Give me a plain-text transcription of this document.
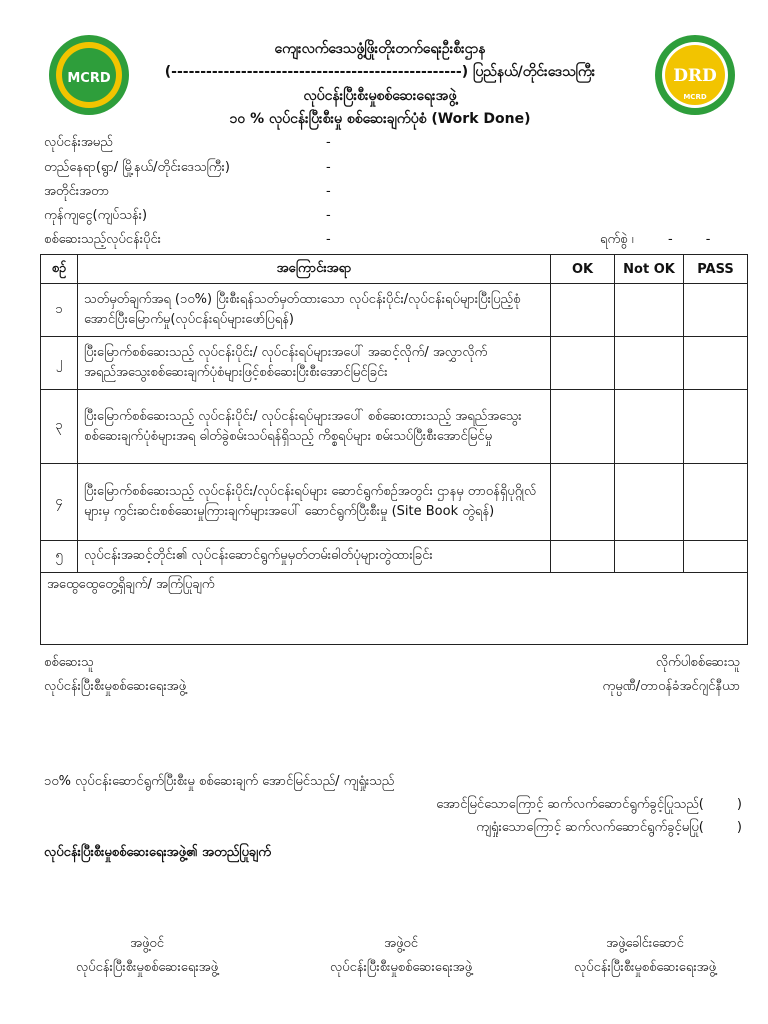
MCRD	DRD
MCRD
ကျေးလက်ဒေသဖွံ့ဖြိုးတိုးတက်ရေးဦးစီးဌာန
(--------------------------------------------------) ပြည်နယ်/တိုင်းဒေသကြီး
လုပ်ငန်းပြီးစီးမှုစစ်ဆေးရေးအဖွဲ့
၁၀ % လုပ်ငန်းပြီးစီးမှု စစ်ဆေးချက်ပုံစံ (Work Done)
လုပ်ငန်းအမည်	-
တည်နေရာ(ရွာ/ မြို့နယ်/တိုင်းဒေသကြီး)	-
အတိုင်းအတာ	-
ကုန်ကျငွေ(ကျပ်သန်း)	-
စစ်ဆေးသည့်လုပ်ငန်းပိုင်း	-	ရက်စွဲ ၊	-        -
စဉ်	အကြောင်းအရာ	OK	Not OK	PASS
၁	သတ်မှတ်ချက်အရ (၁၀%) ပြီးစီးရန်သတ်မှတ်ထားသော လုပ်ငန်းပိုင်း/လုပ်ငန်းရပ်များပြီးပြည့်စုံအောင်ပြီးမြောက်မှု(လုပ်ငန်းရပ်များဖော်ပြရန်)			
၂	ပြီးမြောက်စစ်ဆေးသည့် လုပ်ငန်းပိုင်း/ လုပ်ငန်းရပ်များအပေါ် အဆင့်လိုက်/ အလွှာလိုက်အရည်အသွေးစစ်ဆေးချက်ပုံစံများဖြင့်စစ်ဆေးပြီးစီးအောင်မြင်ခြင်း			
၃	ပြီးမြောက်စစ်ဆေးသည့် လုပ်ငန်းပိုင်း/ လုပ်ငန်းရပ်များအပေါ် စစ်ဆေးထားသည့် အရည်အသွေး စစ်ဆေးချက်ပုံစံများအရ ဓါတ်ခွဲစမ်းသပ်ရန်ရှိသည့် ကိစ္စရပ်များ စမ်းသပ်ပြီးစီးအောင်မြင်မှု			
၄	ပြီးမြောက်စစ်ဆေးသည့် လုပ်ငန်းပိုင်း/လုပ်ငန်းရပ်များ ဆောင်ရွက်စဉ်အတွင်း ဌာနမှ တာဝန်ရှိပုဂ္ဂိုလ်များမှ ကွင်းဆင်းစစ်ဆေးမှုကြားချက်များအပေါ် ဆောင်ရွက်ပြီးစီးမှု (Site Book တွဲရန်)			
၅	လုပ်ငန်းအဆင့်တိုင်း၏ လုပ်ငန်းဆောင်ရွက်မှုမှတ်တမ်းဓါတ်ပုံများတွဲထားခြင်း			
အထွေထွေတွေ့ရှိချက်/ အကြံပြုချက်				
စစ်ဆေးသူ
လုပ်ငန်းပြီးစီးမှုစစ်ဆေးရေးအဖွဲ့
လိုက်ပါစစ်ဆေးသူ
ကုမ္ပဏီ/တာဝန်ခံအင်ဂျင်နီယာ
၁၀% လုပ်ငန်းဆောင်ရွက်ပြီးစီးမှု စစ်ဆေးချက် အောင်မြင်သည်/ ကျရှုံးသည်
အောင်မြင်သောကြောင့် ဆက်လက်ဆောင်ရွက်ခွင့်ပြုသည်(        )
ကျရှုံးသောကြောင့် ဆက်လက်ဆောင်ရွက်ခွင့်မပြု(        )
လုပ်ငန်းပြီးစီးမှုစစ်ဆေးရေးအဖွဲ့၏ အတည်ပြုချက်
အဖွဲ့ဝင်
လုပ်ငန်းပြီးစီးမှုစစ်ဆေးရေးအဖွဲ့
အဖွဲ့ဝင်
လုပ်ငန်းပြီးစီးမှုစစ်ဆေးရေးအဖွဲ့
အဖွဲ့ခေါင်းဆောင်
လုပ်ငန်းပြီးစီးမှုစစ်ဆေးရေးအဖွဲ့
